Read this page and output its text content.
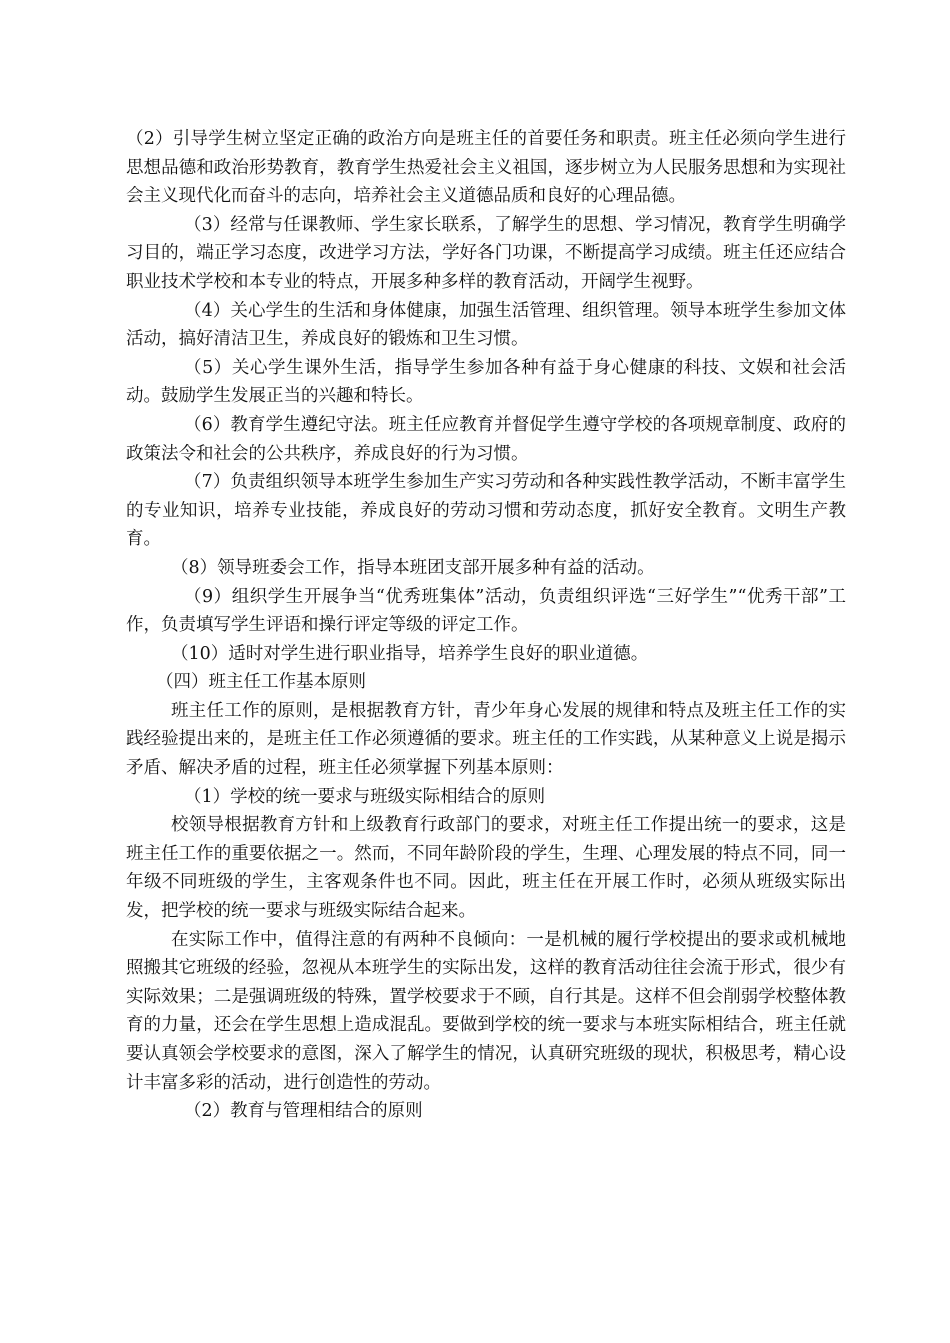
（2）引导学生树立坚定正确的政治方向是班主任的首要任务和职责。班主任必须向学生进行思想品德和政治形势教育，教育学生热爱社会主义祖国，逐步树立为人民服务思想和为实现社会主义现代化而奋斗的志向，培养社会主义道德品质和良好的心理品德。

（3）经常与任课教师、学生家长联系，了解学生的思想、学习情况，教育学生明确学习目的，端正学习态度，改进学习方法，学好各门功课，不断提高学习成绩。班主任还应结合职业技术学校和本专业的特点，开展多种多样的教育活动，开阔学生视野。

（4）关心学生的生活和身体健康，加强生活管理、组织管理。领导本班学生参加文体活动，搞好清洁卫生，养成良好的锻炼和卫生习惯。

（5）关心学生课外生活，指导学生参加各种有益于身心健康的科技、文娱和社会活动。鼓励学生发展正当的兴趣和特长。

（6）教育学生遵纪守法。班主任应教育并督促学生遵守学校的各项规章制度、政府的政策法令和社会的公共秩序，养成良好的行为习惯。

（7）负责组织领导本班学生参加生产实习劳动和各种实践性教学活动，不断丰富学生的专业知识，培养专业技能，养成良好的劳动习惯和劳动态度，抓好安全教育。文明生产教育。

（8）领导班委会工作，指导本班团支部开展多种有益的活动。

（9）组织学生开展争当“优秀班集体”活动，负责组织评选“三好学生”“优秀干部”工作，负责填写学生评语和操行评定等级的评定工作。

（10）适时对学生进行职业指导，培养学生良好的职业道德。

（四）班主任工作基本原则

班主任工作的原则，是根据教育方针，青少年身心发展的规律和特点及班主任工作的实践经验提出来的，是班主任工作必须遵循的要求。班主任的工作实践，从某种意义上说是揭示矛盾、解决矛盾的过程，班主任必须掌握下列基本原则：

（1）学校的统一要求与班级实际相结合的原则

校领导根据教育方针和上级教育行政部门的要求，对班主任工作提出统一的要求，这是班主任工作的重要依据之一。然而，不同年龄阶段的学生，生理、心理发展的特点不同，同一年级不同班级的学生，主客观条件也不同。因此，班主任在开展工作时，必须从班级实际出发，把学校的统一要求与班级实际结合起来。

在实际工作中，值得注意的有两种不良倾向：一是机械的履行学校提出的要求或机械地照搬其它班级的经验，忽视从本班学生的实际出发，这样的教育活动往往会流于形式，很少有实际效果；二是强调班级的特殊，置学校要求于不顾，自行其是。这样不但会削弱学校整体教育的力量，还会在学生思想上造成混乱。要做到学校的统一要求与本班实际相结合，班主任就要认真领会学校要求的意图，深入了解学生的情况，认真研究班级的现状，积极思考，精心设计丰富多彩的活动，进行创造性的劳动。

（2）教育与管理相结合的原则
